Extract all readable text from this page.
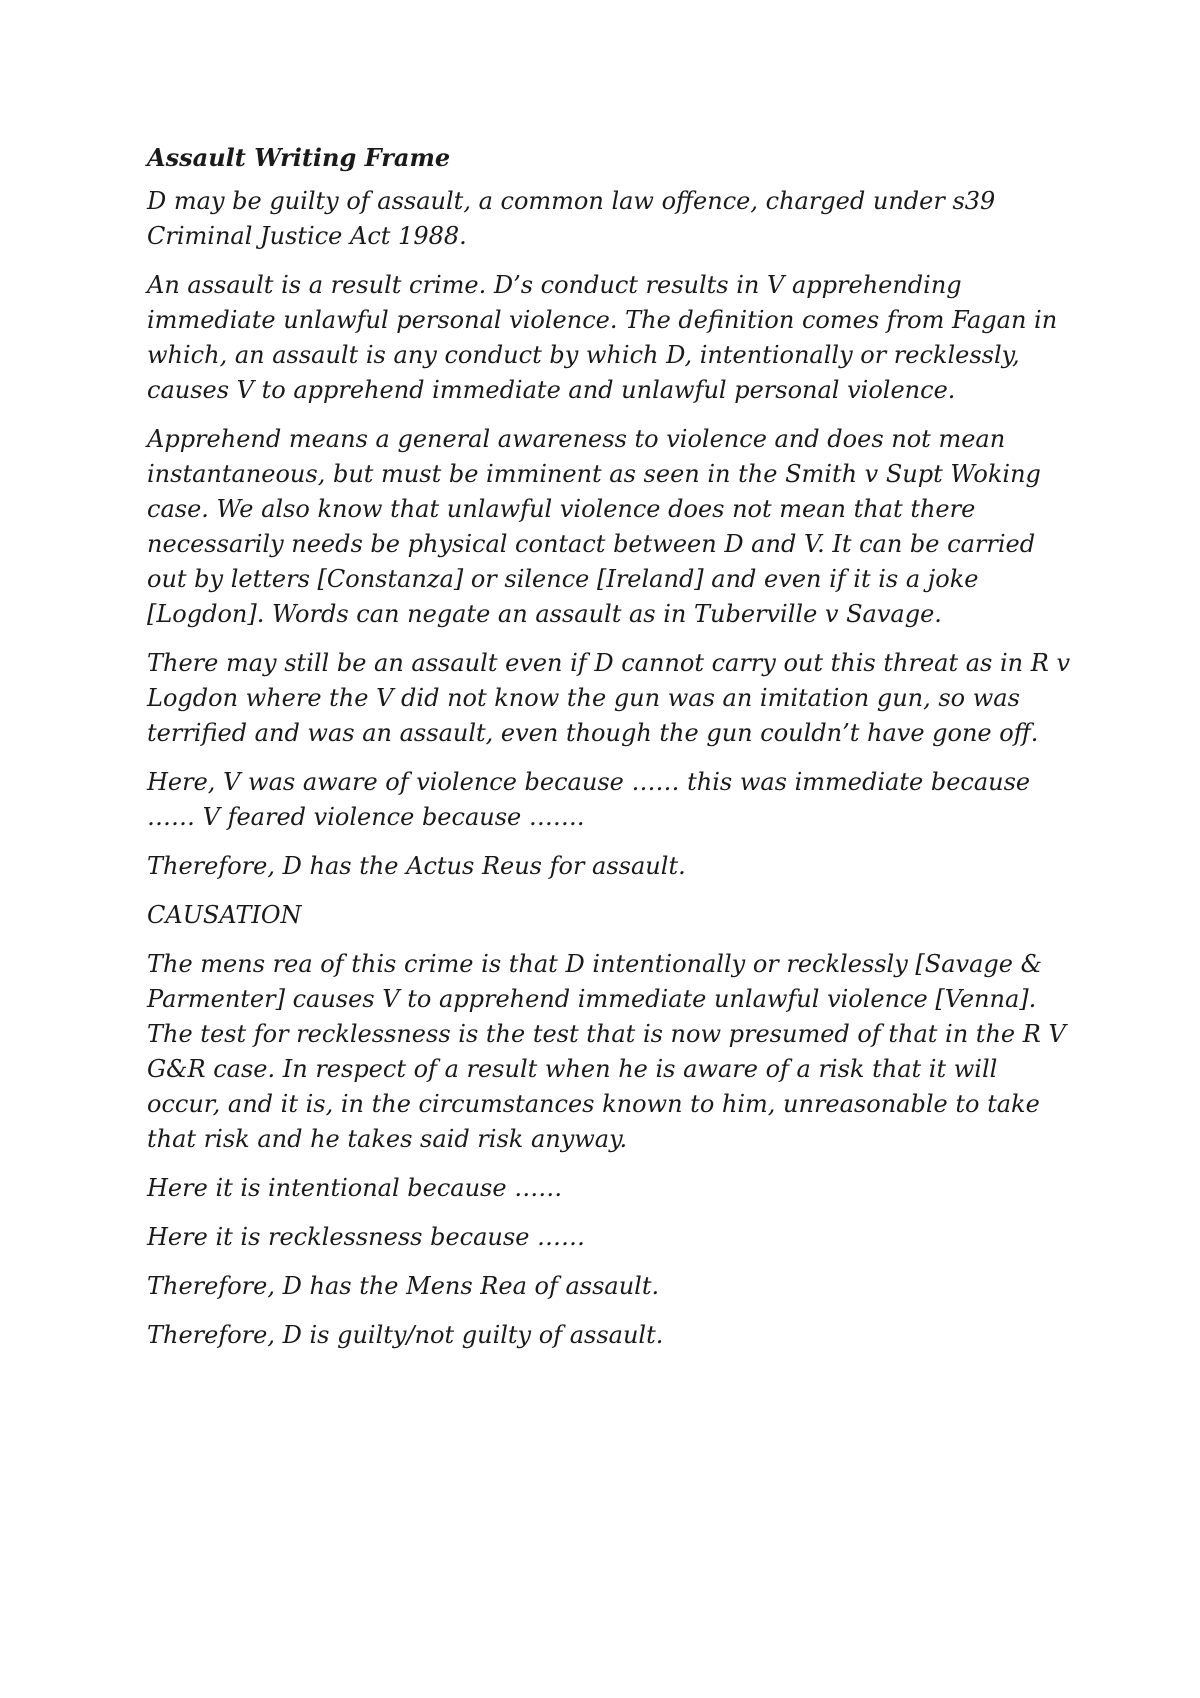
Assault Writing Frame

D may be guilty of assault, a common law offence, charged under s39 Criminal Justice Act 1988.

An assault is a result crime. D’s conduct results in V apprehending immediate unlawful personal violence. The definition comes from Fagan in which, an assault is any conduct by which D, intentionally or recklessly, causes V to apprehend immediate and unlawful personal violence.

Apprehend means a general awareness to violence and does not mean instantaneous, but must be imminent as seen in the Smith v Supt Woking case. We also know that unlawful violence does not mean that there necessarily needs be physical contact between D and V. It can be carried out by letters [Constanza] or silence [Ireland] and even if it is a joke [Logdon]. Words can negate an assault as in Tuberville v Savage.

There may still be an assault even if D cannot carry out this threat as in R v Logdon where the V did not know the gun was an imitation gun, so was terrified and was an assault, even though the gun couldn’t have gone off.

Here, V was aware of violence because …… this was immediate because …… V feared violence because …….

Therefore, D has the Actus Reus for assault.

CAUSATION

The mens rea of this crime is that D intentionally or recklessly [Savage & Parmenter] causes V to apprehend immediate unlawful violence [Venna]. The test for recklessness is the test that is now presumed of that in the R V G&R case. In respect of a result when he is aware of a risk that it will occur, and it is, in the circumstances known to him, unreasonable to take that risk and he takes said risk anyway.

Here it is intentional because ……

Here it is recklessness because ……

Therefore, D has the Mens Rea of assault.

Therefore, D is guilty/not guilty of assault.
